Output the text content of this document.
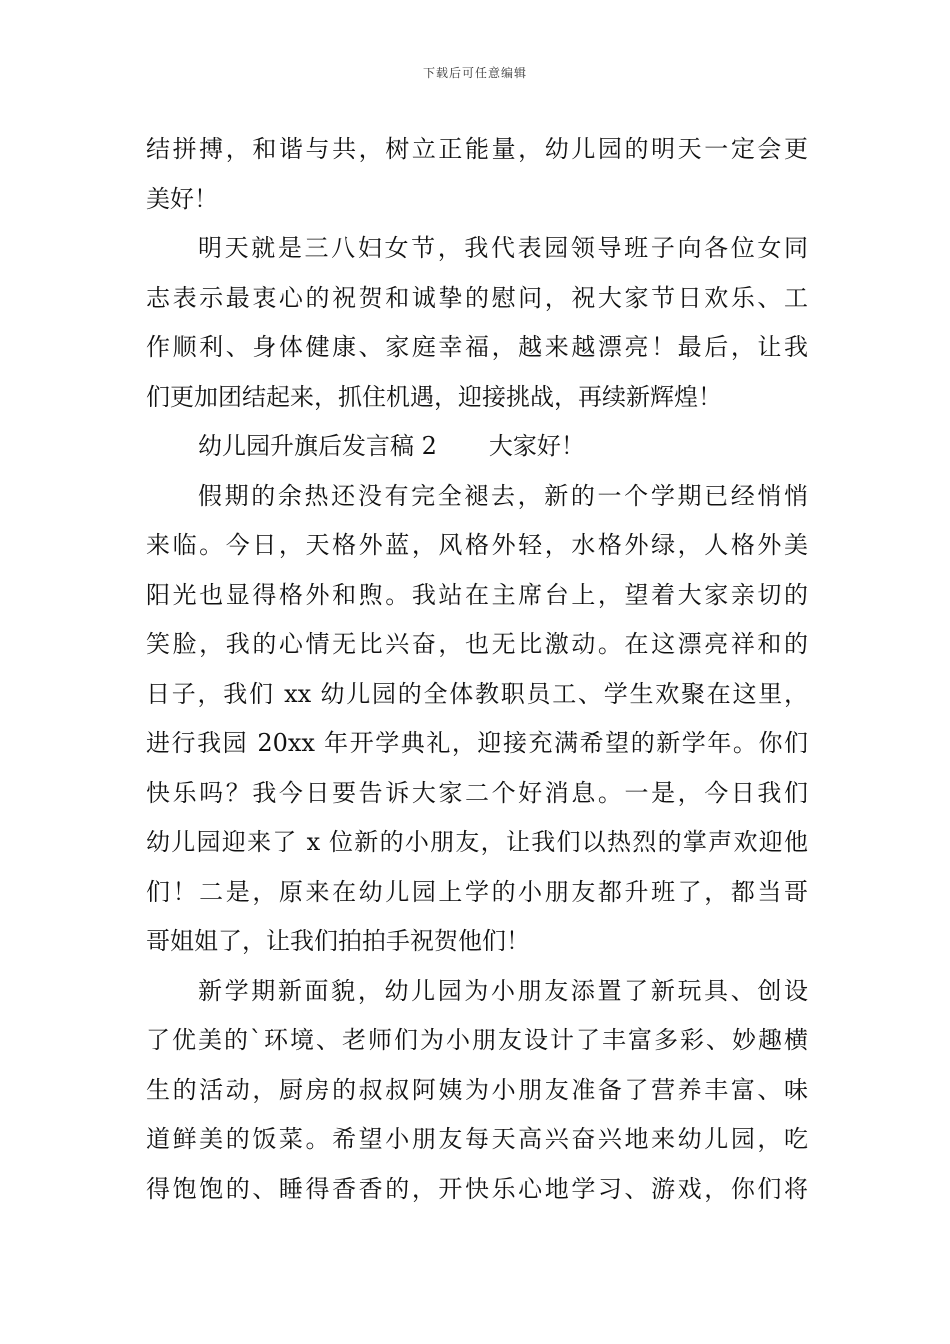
下载后可任意编辑
结拼搏，和谐与共，树立正能量，幼儿园的明天一定会更
美好！
明天就是三八妇女节，我代表园领导班子向各位女同
志表示最衷心的祝贺和诚挚的慰问，祝大家节日欢乐、工
作顺利、身体健康、家庭幸福，越来越漂亮！最后，让我
们更加团结起来，抓住机遇，迎接挑战，再续新辉煌！
幼儿园升旗后发言稿 2 大家好！
假期的余热还没有完全褪去，新的一个学期已经悄悄
来临。今日，天格外蓝，风格外轻，水格外绿，人格外美
阳光也显得格外和煦。我站在主席台上，望着大家亲切的
笑脸，我的心情无比兴奋，也无比激动。在这漂亮祥和的
日子，我们 xx 幼儿园的全体教职员工、学生欢聚在这里，
进行我园 20xx 年开学典礼，迎接充满希望的新学年。你们
快乐吗？我今日要告诉大家二个好消息。一是，今日我们
幼儿园迎来了 x 位新的小朋友，让我们以热烈的掌声欢迎他
们！二是，原来在幼儿园上学的小朋友都升班了，都当哥
哥姐姐了，让我们拍拍手祝贺他们！
新学期新面貌，幼儿园为小朋友添置了新玩具、创设
了优美的`环境、老师们为小朋友设计了丰富多彩、妙趣横
生的活动，厨房的叔叔阿姨为小朋友准备了营养丰富、味
道鲜美的饭菜。希望小朋友每天高兴奋兴地来幼儿园，吃
得饱饱的、睡得香香的，开快乐心地学习、游戏，你们将
